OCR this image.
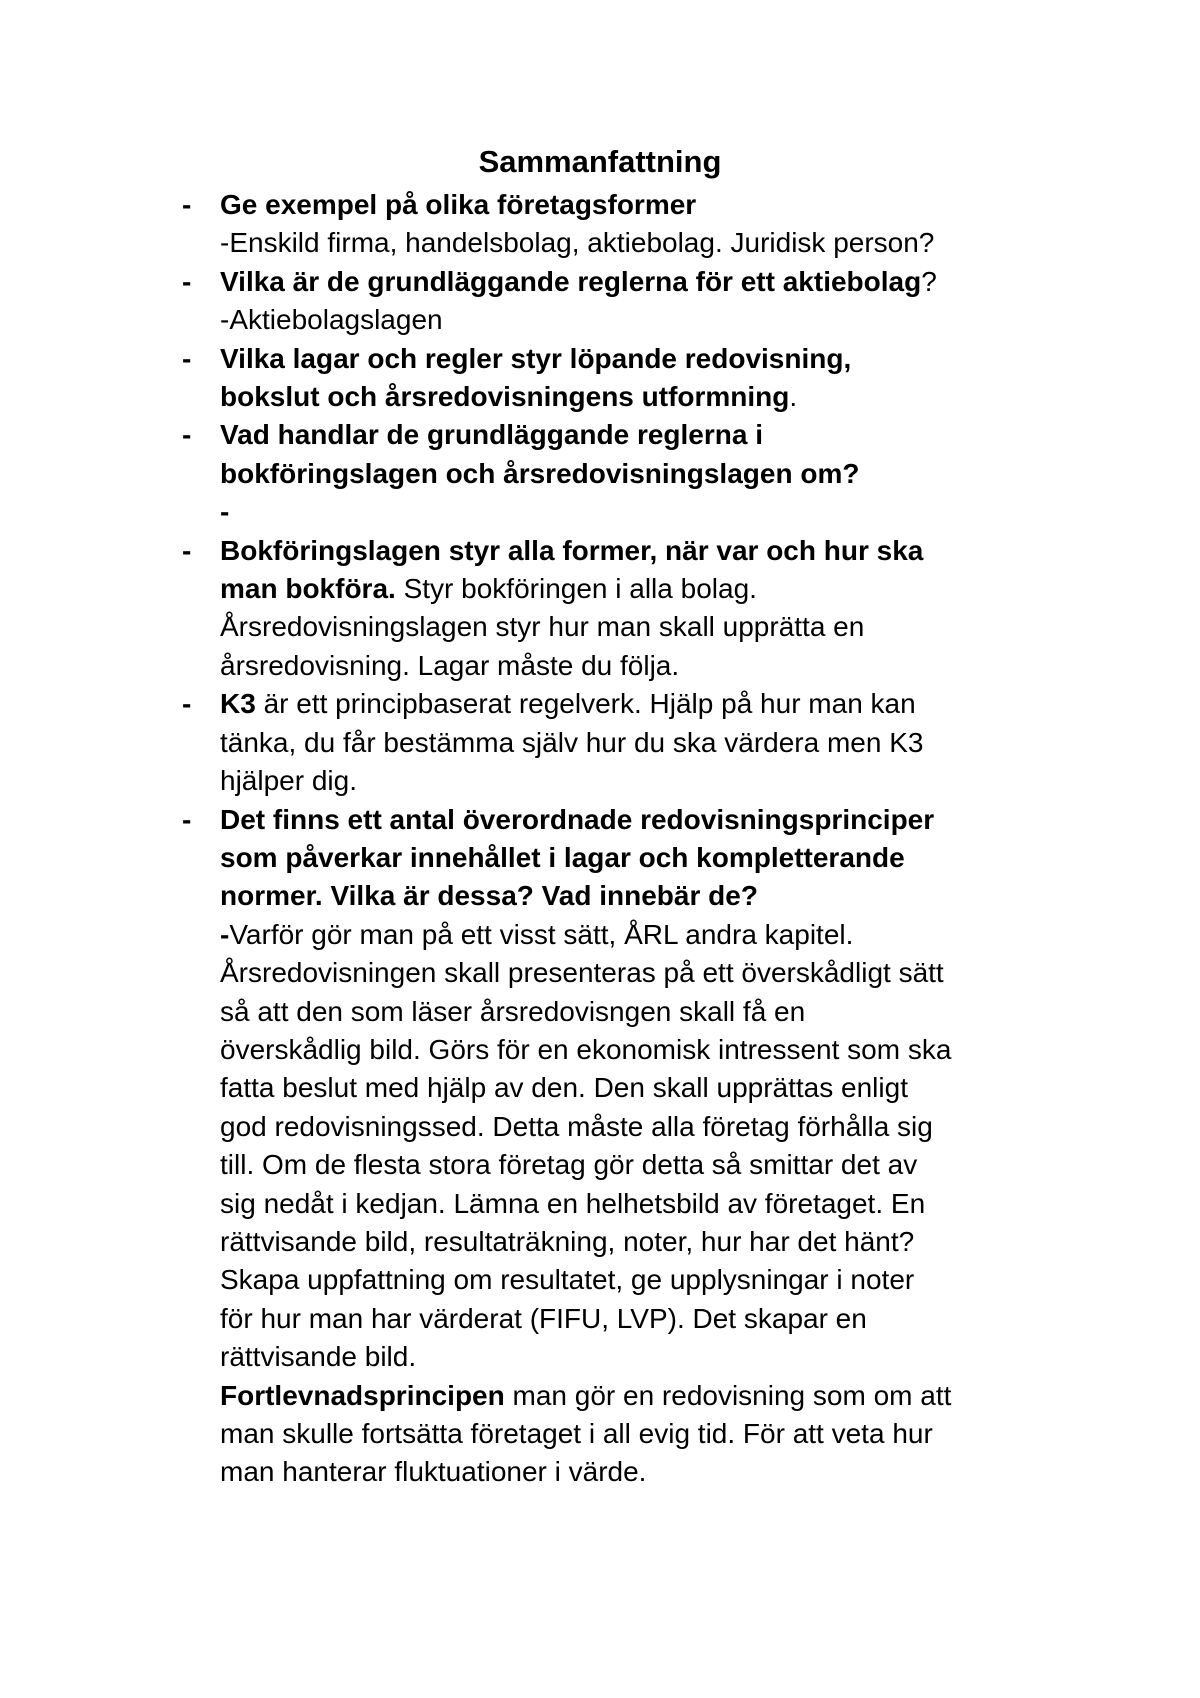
Sammanfattning
- Ge exempel på olika företagsformer
-Enskild firma, handelsbolag, aktiebolag. Juridisk person?
- Vilka är de grundläggande reglerna för ett aktiebolag?
-Aktiebolagslagen
- Vilka lagar och regler styr löpande redovisning,
bokslut och årsredovisningens utformning.
- Vad handlar de grundläggande reglerna i
bokföringslagen och årsredovisningslagen om?
-
- Bokföringslagen styr alla former, när var och hur ska
man bokföra. Styr bokföringen i alla bolag.
Årsredovisningslagen styr hur man skall upprätta en
årsredovisning. Lagar måste du följa.
- K3 är ett principbaserat regelverk. Hjälp på hur man kan
tänka, du får bestämma själv hur du ska värdera men K3
hjälper dig.
- Det finns ett antal överordnade redovisningsprinciper
som påverkar innehållet i lagar och kompletterande
normer. Vilka är dessa? Vad innebär de?
-Varför gör man på ett visst sätt, ÅRL andra kapitel.
Årsredovisningen skall presenteras på ett överskådligt sätt
så att den som läser årsredovisngen skall få en
överskådlig bild. Görs för en ekonomisk intressent som ska
fatta beslut med hjälp av den. Den skall upprättas enligt
god redovisningssed. Detta måste alla företag förhålla sig
till. Om de flesta stora företag gör detta så smittar det av
sig nedåt i kedjan. Lämna en helhetsbild av företaget. En
rättvisande bild, resultaträkning, noter, hur har det hänt?
Skapa uppfattning om resultatet, ge upplysningar i noter
för hur man har värderat (FIFU, LVP). Det skapar en
rättvisande bild.
Fortlevnadsprincipen man gör en redovisning som om att
man skulle fortsätta företaget i all evig tid. För att veta hur
man hanterar fluktuationer i värde.
